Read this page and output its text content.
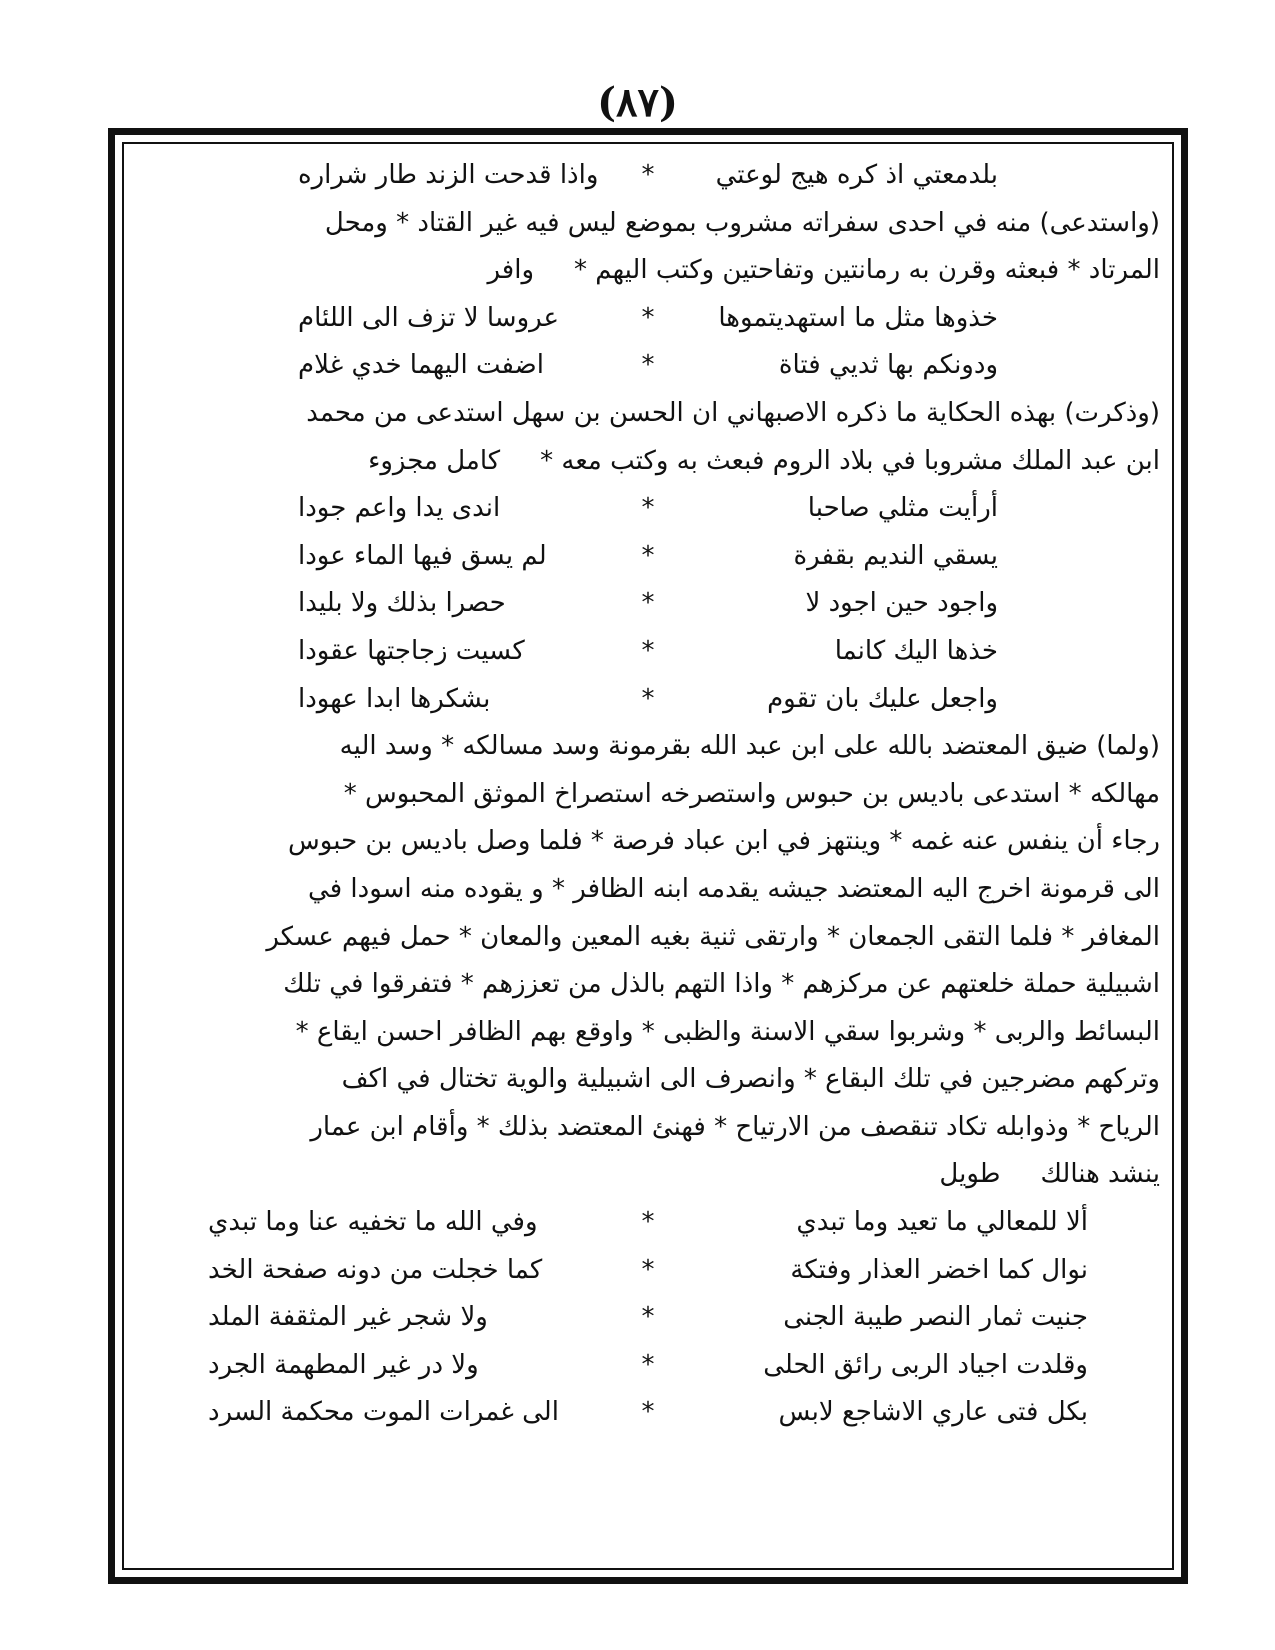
(٨٧)
بلدمعتي اذ كره هيج لوعتي
*
واذا قدحت الزند طار شراره
(واستدعى) منه في احدى سفراته مشروب بموضع ليس فيه غير القتاد * ومحل
المرتاد * فبعثه وقرن به رمانتين وتفاحتين وكتب اليهم *
وافر
خذوها مثل ما استهديتموها
*
عروسا لا تزف الى اللئام
ودونكم بها ثديي فتاة
*
اضفت اليهما خدي غلام
(وذكرت) بهذه الحكاية ما ذكره الاصبهاني ان الحسن بن سهل استدعى من محمد
ابن عبد الملك مشروبا في بلاد الروم فبعث به وكتب معه *
كامل مجزوء
أرأيت مثلي صاحبا
*
اندى يدا واعم جودا
يسقي النديم بقفرة
*
لم يسق فيها الماء عودا
واجود حين اجود لا
*
حصرا بذلك ولا بليدا
خذها اليك كانما
*
كسيت زجاجتها عقودا
واجعل عليك بان تقوم
*
بشكرها ابدا عهودا
(ولما) ضيق المعتضد بالله على ابن عبد الله بقرمونة وسد مسالكه * وسد اليه
مهالكه * استدعى باديس بن حبوس واستصرخه استصراخ الموثق المحبوس *
رجاء أن ينفس عنه غمه * وينتهز في ابن عباد فرصة * فلما وصل باديس بن حبوس
الى قرمونة اخرج اليه المعتضد جيشه يقدمه ابنه الظافر * و يقوده منه اسودا في
المغافر * فلما التقى الجمعان * وارتقى ثنية بغيه المعين والمعان * حمل فيهم عسكر
اشبيلية حملة خلعتهم عن مركزهم * واذا التهم بالذل من تعززهم * فتفرقوا في تلك
البسائط والربى * وشربوا سقي الاسنة والظبى * واوقع بهم الظافر احسن ايقاع *
وتركهم مضرجين في تلك البقاع * وانصرف الى اشبيلية والوية تختال في اكف
الرياح * وذوابله تكاد تنقصف من الارتياح * فهنئ المعتضد بذلك * وأقام ابن عمار
ينشد هنالك
طويل
ألا للمعالي ما تعيد وما تبدي
*
وفي الله ما تخفيه عنا وما تبدي
نوال كما اخضر العذار وفتكة
*
كما خجلت من دونه صفحة الخد
جنيت ثمار النصر طيبة الجنى
*
ولا شجر غير المثقفة الملد
وقلدت اجياد الربى رائق الحلى
*
ولا در غير المطهمة الجرد
بكل فتى عاري الاشاجع لابس
*
الى غمرات الموت محكمة السرد
